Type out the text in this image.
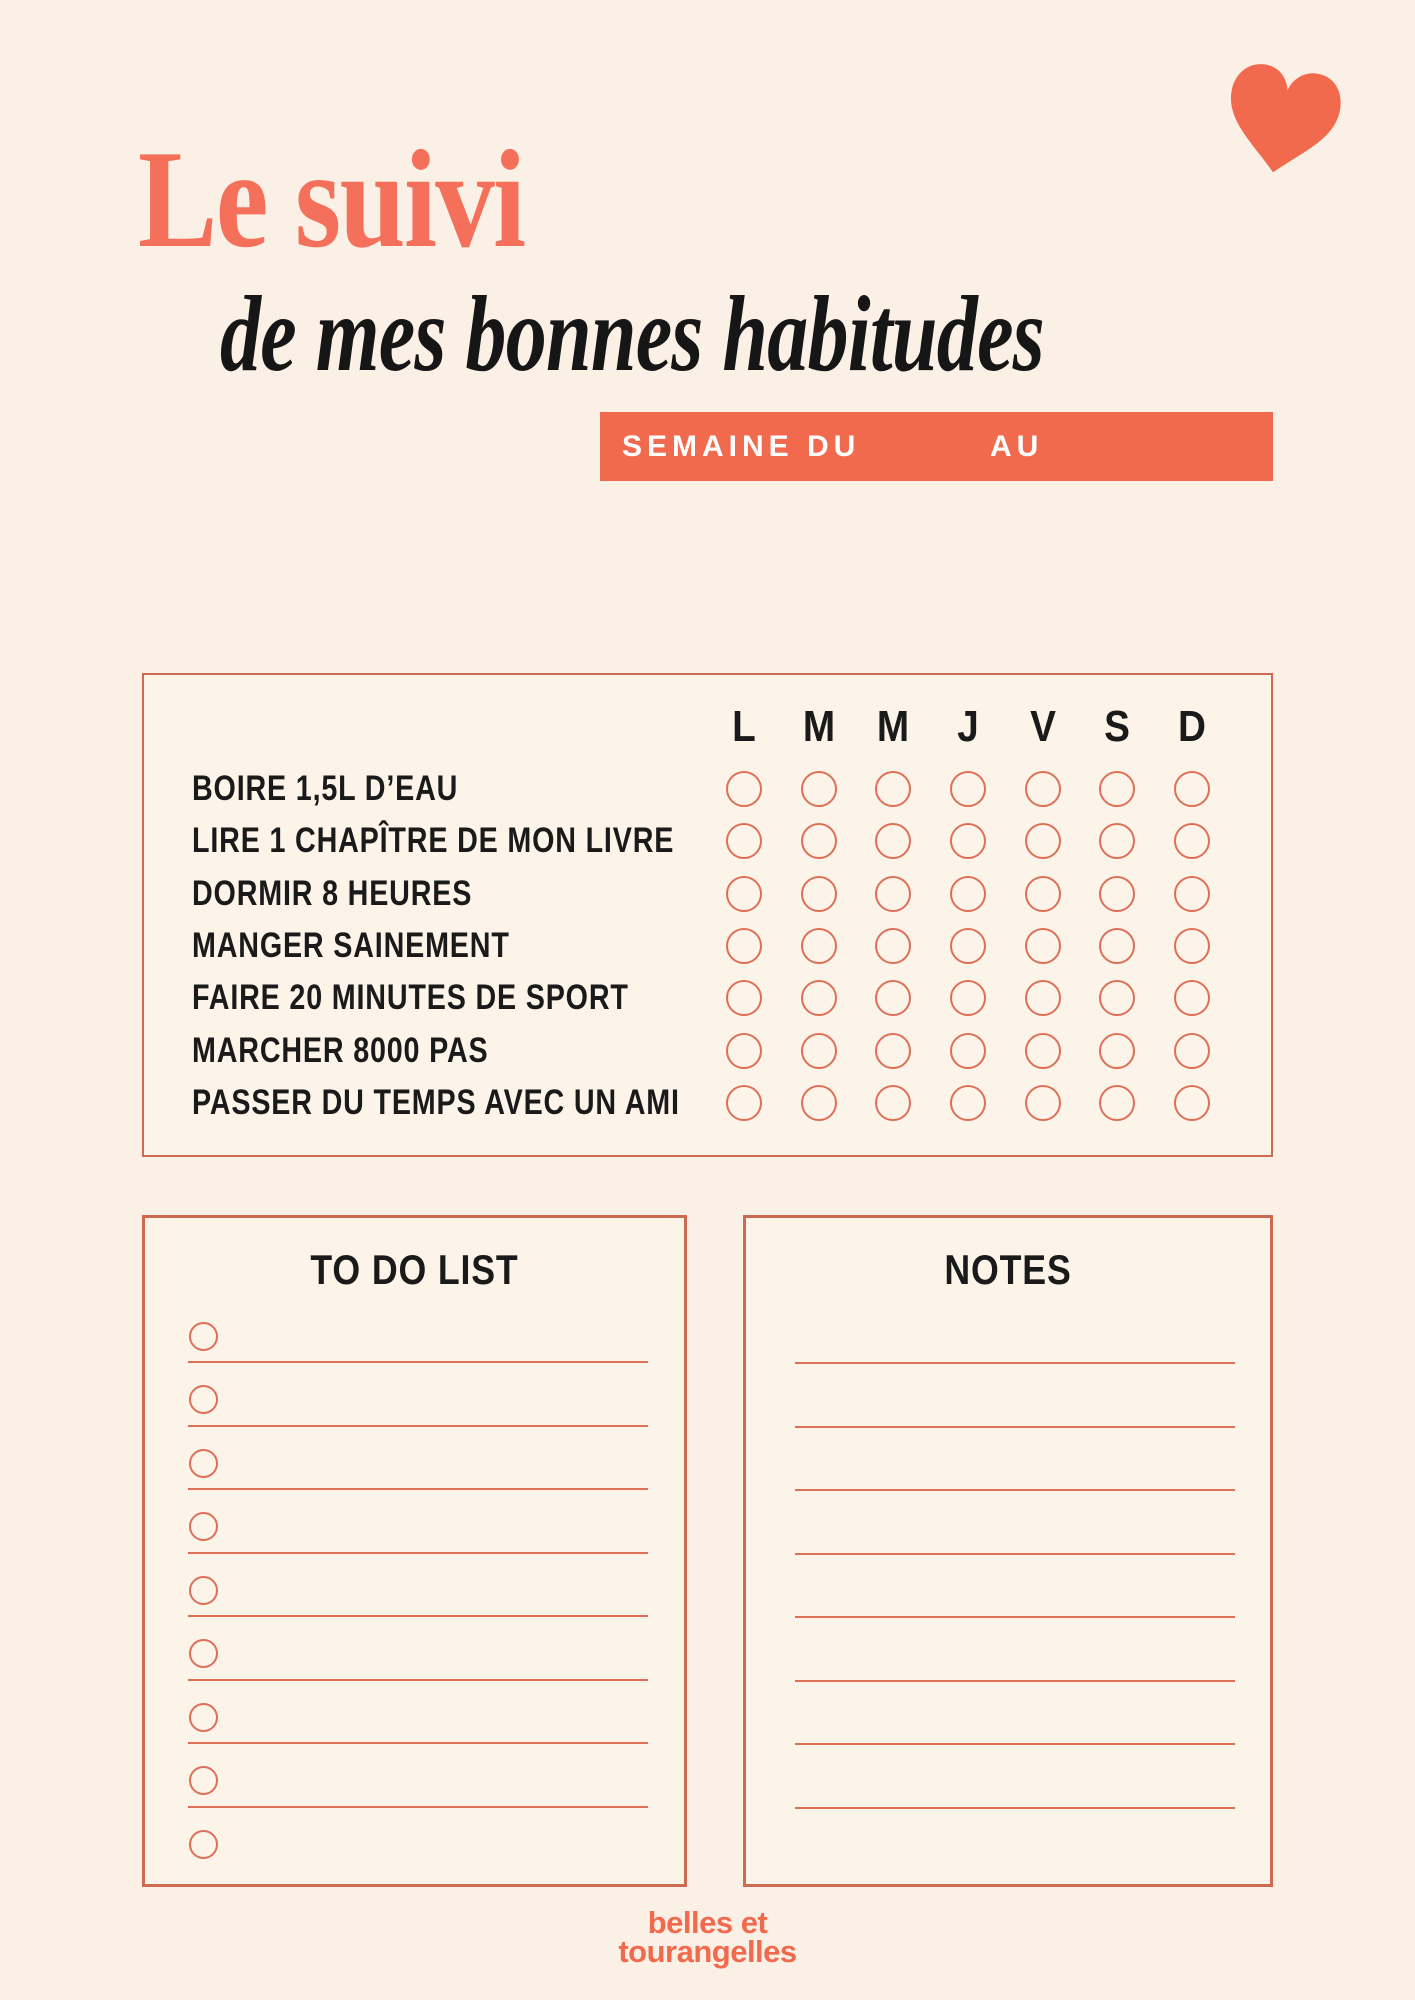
Le suivi
de mes bonnes habitudes
SEMAINE DU	AU
L M M J V S D
BOIRE 1,5L D’EAU
LIRE 1 CHAPÎTRE DE MON LIVRE
DORMIR 8 HEURES
MANGER SAINEMENT
FAIRE 20 MINUTES DE SPORT
MARCHER 8000 PAS
PASSER DU TEMPS AVEC UN AMI
TO DO LIST	NOTES
belles et
tourangelles
